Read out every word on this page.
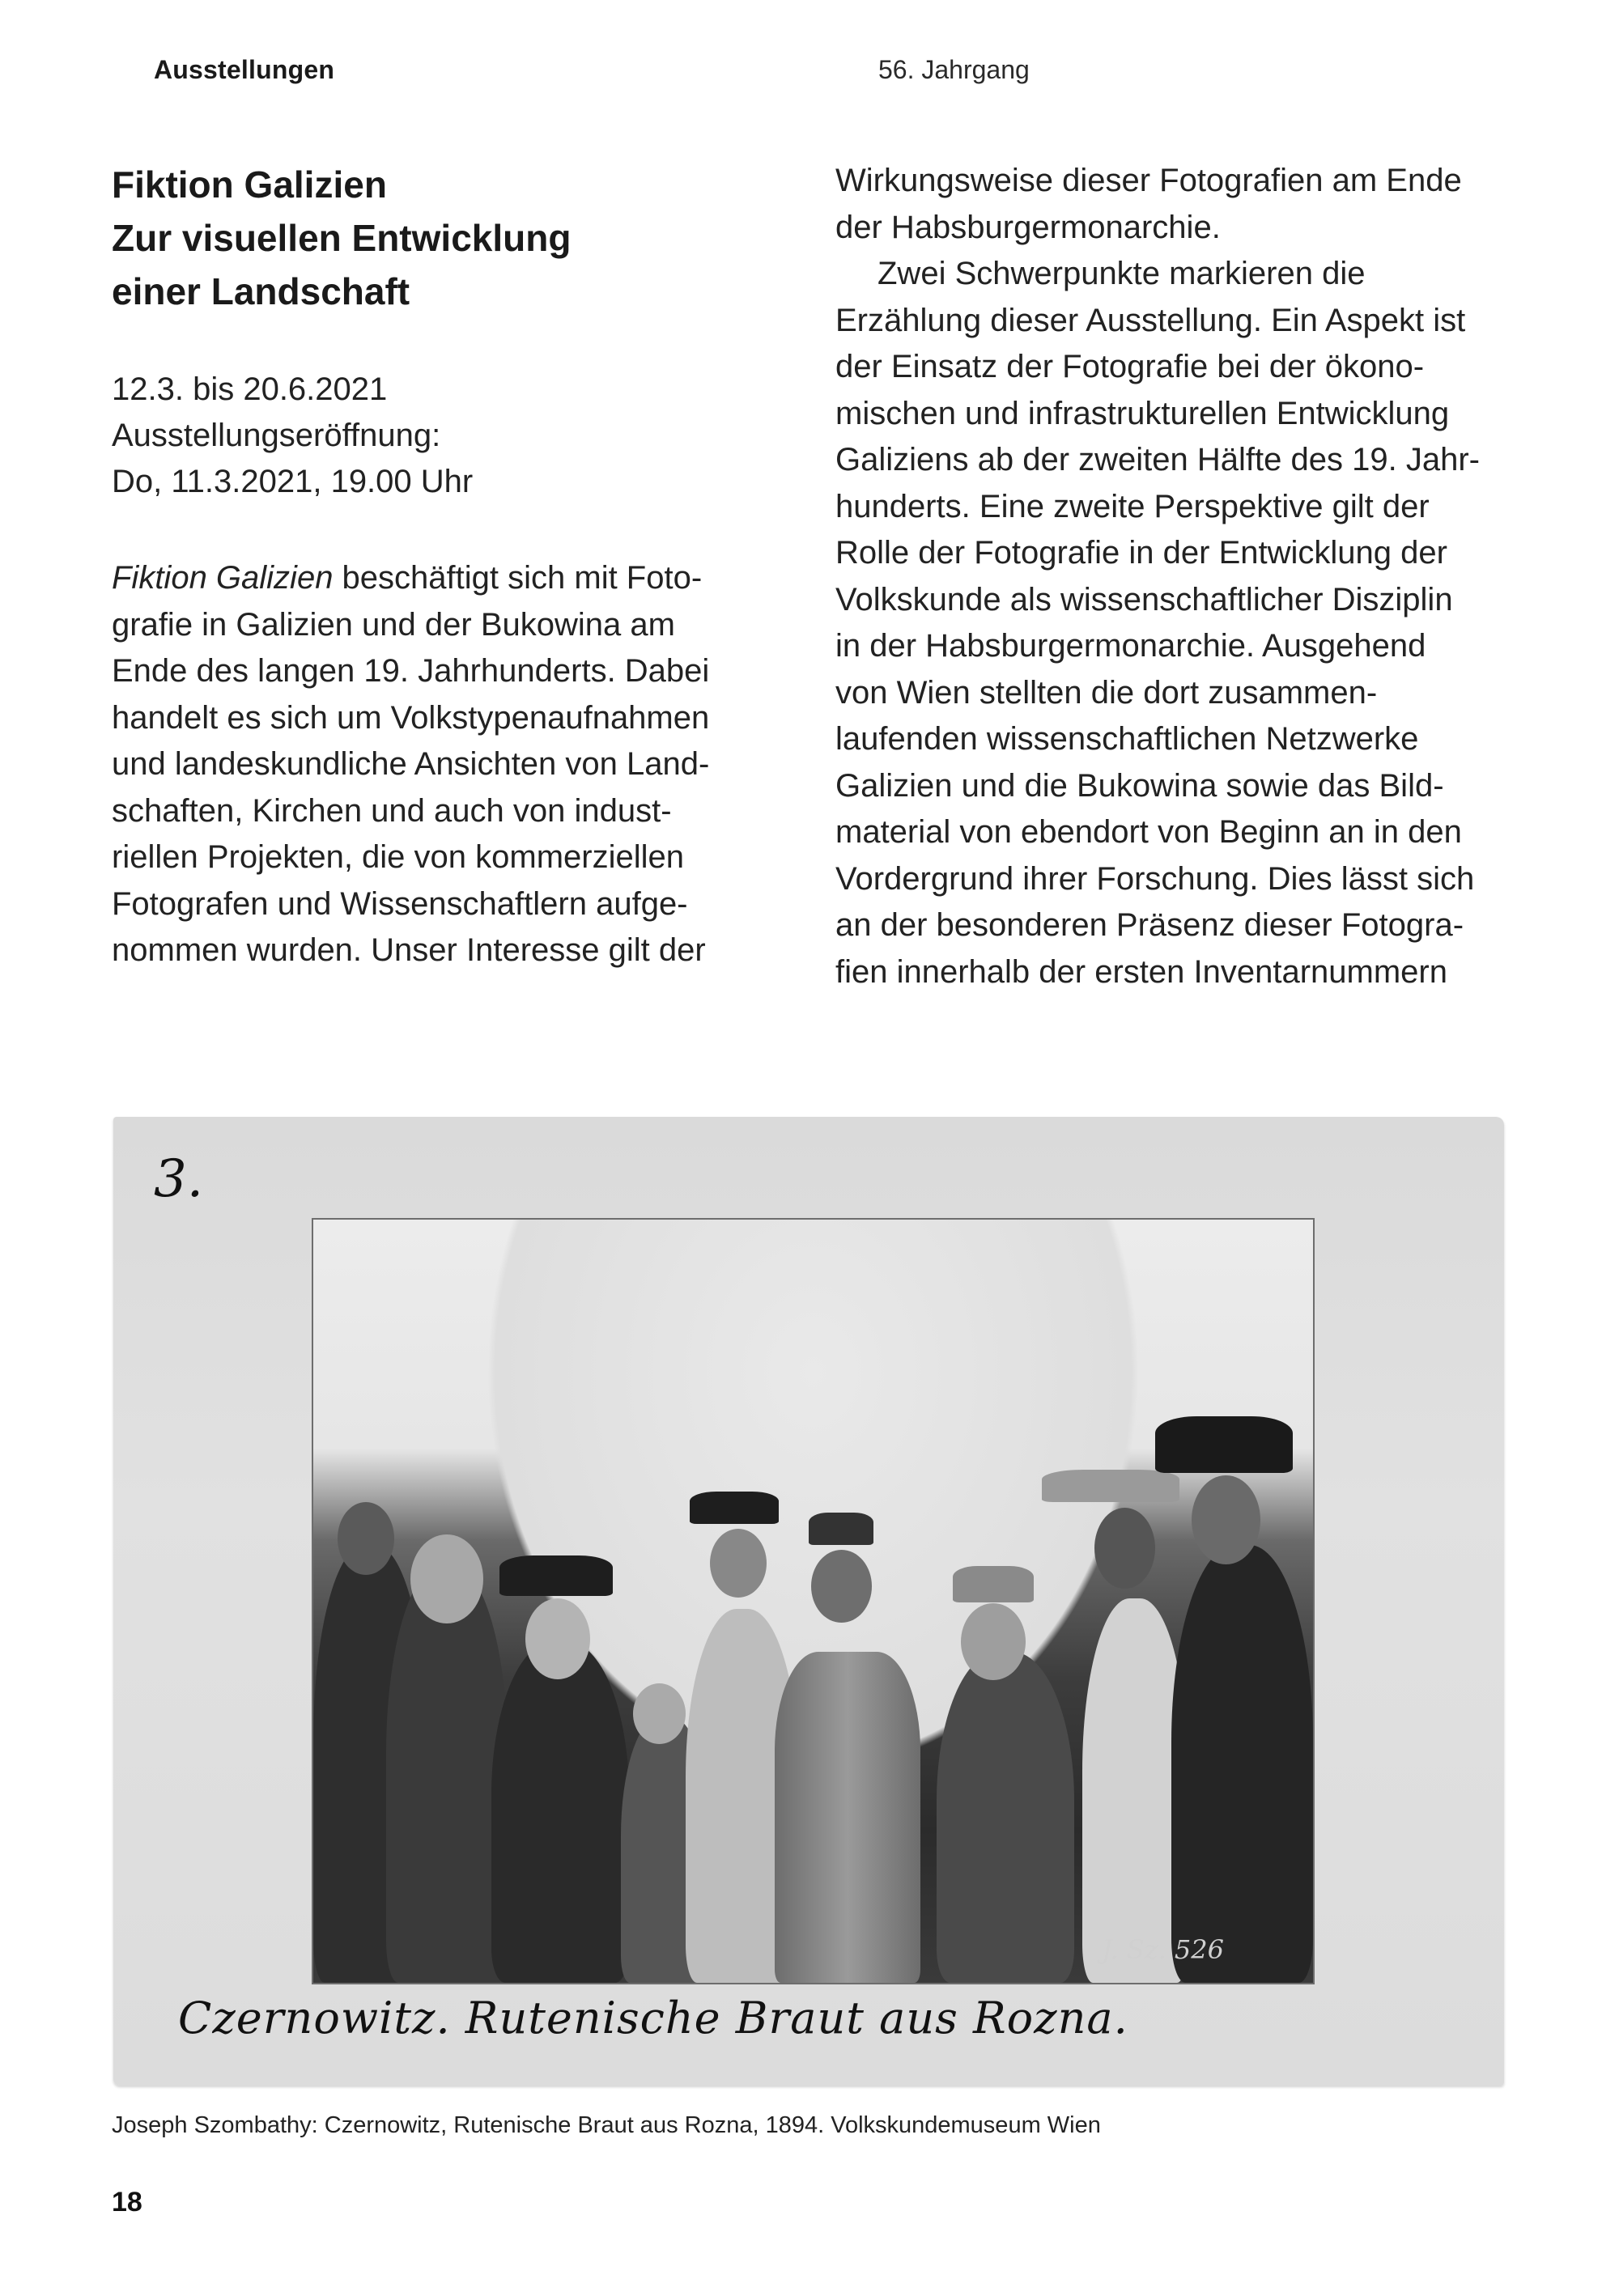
Ausstellungen	56. Jahrgang
Fiktion Galizien
Zur visuellen Entwicklung
einer Landschaft
12.3. bis 20.6.2021
Ausstellungseröffnung:
Do, 11.3.2021, 19.00 Uhr

Fiktion Galizien beschäftigt sich mit Foto-
grafie in Galizien und der Bukowina am
Ende des langen 19. Jahrhunderts. Dabei
handelt es sich um Volkstypenaufnahmen
und landeskundliche Ansichten von Land-
schaften, Kirchen und auch von indust-
riellen Projekten, die von kommerziellen
Fotografen und Wissenschaftlern aufge-
nommen wurden. Unser Interesse gilt der

Wirkungsweise dieser Fotografien am Ende
der Habsburgermonarchie.
Zwei Schwerpunkte markieren die
Erzählung dieser Ausstellung. Ein Aspekt ist
der Einsatz der Fotografie bei der ökono-
mischen und infrastrukturellen Entwicklung
Galiziens ab der zweiten Hälfte des 19. Jahr-
hunderts. Eine zweite Perspektive gilt der
Rolle der Fotografie in der Entwicklung der
Volkskunde als wissenschaftlicher Disziplin
in der Habsburgermonarchie. Ausgehend
von Wien stellten die dort zusammen-
laufenden wissenschaftlichen Netzwerke
Galizien und die Bukowina sowie das Bild-
material von ebendort von Beginn an in den
Vordergrund ihrer Forschung. Dies lässt sich
an der besonderen Präsenz dieser Fotogra-
fien innerhalb der ersten Inventarnummern

3.
J. Sz. 526
Czernowitz. Rutenische Braut aus Rozna.
Joseph Szombathy: Czernowitz, Rutenische Braut aus Rozna, 1894. Volkskundemuseum Wien
18
